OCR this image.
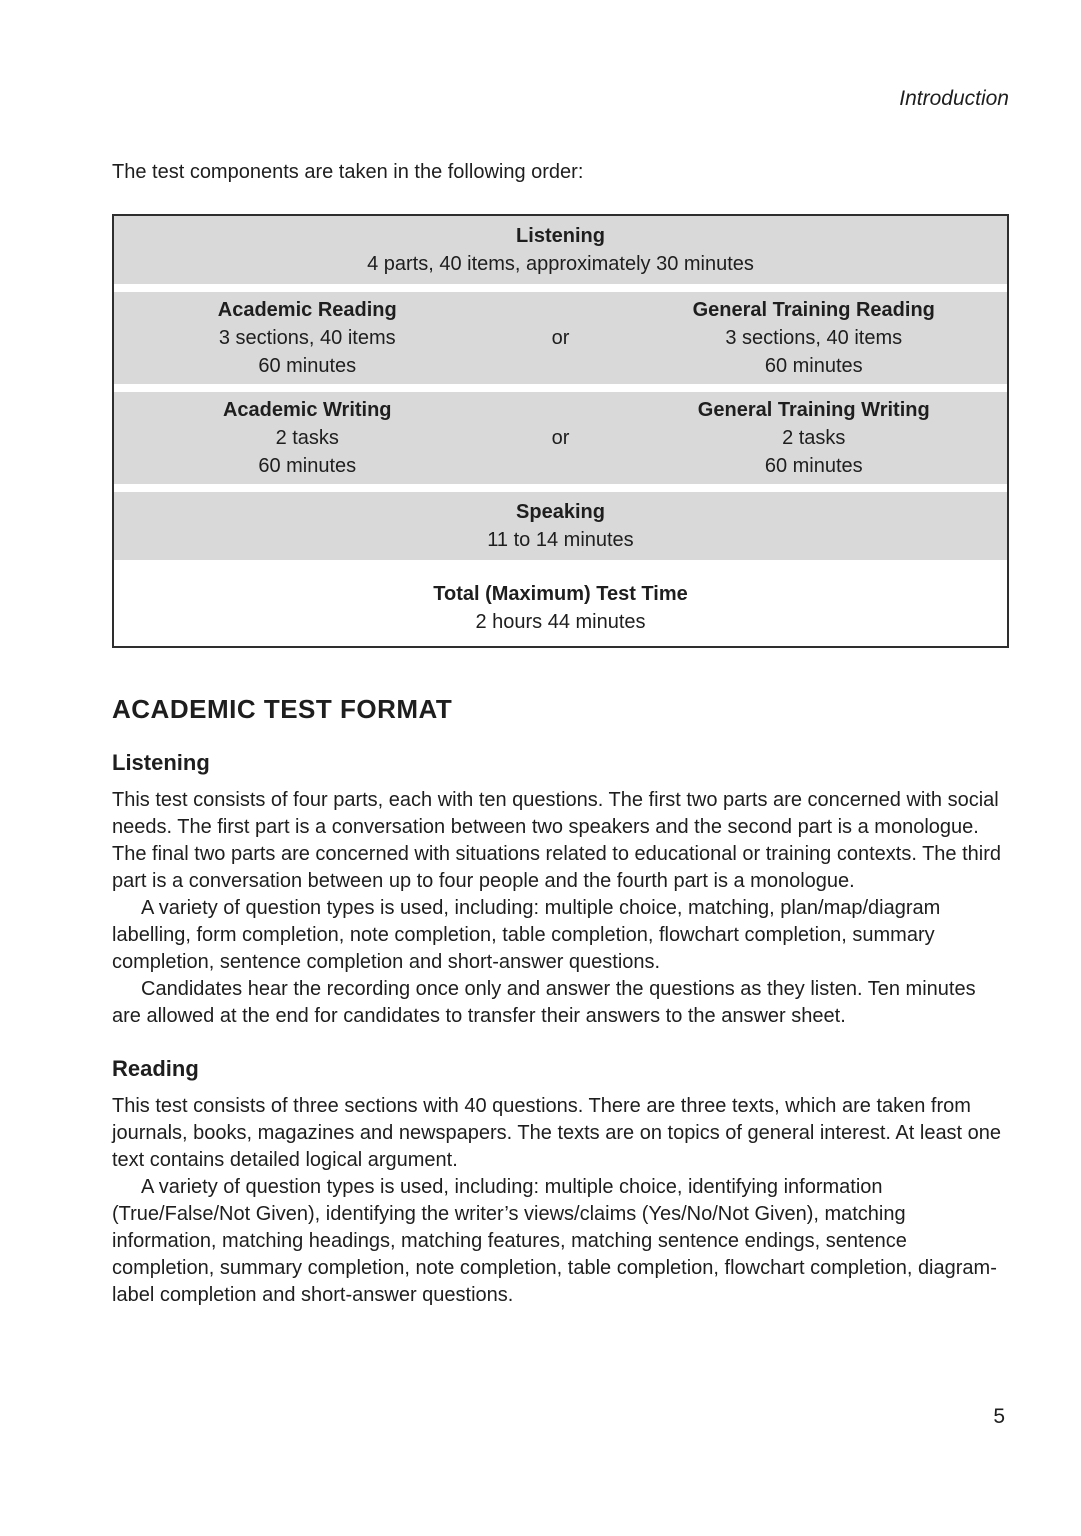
Introduction
The test components are taken in the following order:
Listening
4 parts, 40 items, approximately 30 minutes
Academic Reading
3 sections, 40 items
60 minutes
or
General Training Reading
3 sections, 40 items
60 minutes
Academic Writing
2 tasks
60 minutes
or
General Training Writing
2 tasks
60 minutes
Speaking
11 to 14 minutes
Total (Maximum) Test Time
2 hours 44 minutes
ACADEMIC TEST FORMAT
Listening

This test consists of four parts, each with ten questions. The first two parts are concerned with social needs. The first part is a conversation between two speakers and the second part is a monologue. The final two parts are concerned with situations related to educational or training contexts. The third part is a conversation between up to four people and the fourth part is a monologue.

A variety of question types is used, including: multiple choice, matching, plan/map/diagram labelling, form completion, note completion, table completion, flowchart completion, summary completion, sentence completion and short-answer questions.

Candidates hear the recording once only and answer the questions as they listen. Ten minutes are allowed at the end for candidates to transfer their answers to the answer sheet.

Reading

This test consists of three sections with 40 questions. There are three texts, which are taken from journals, books, magazines and newspapers. The texts are on topics of general interest. At least one text contains detailed logical argument.

A variety of question types is used, including: multiple choice, identifying information (True/False/Not Given), identifying the writer’s views/claims (Yes/No/Not Given), matching information, matching headings, matching features, matching sentence endings, sentence completion, summary completion, note completion, table completion, flowchart completion, diagram-label completion and short-answer questions.

5
